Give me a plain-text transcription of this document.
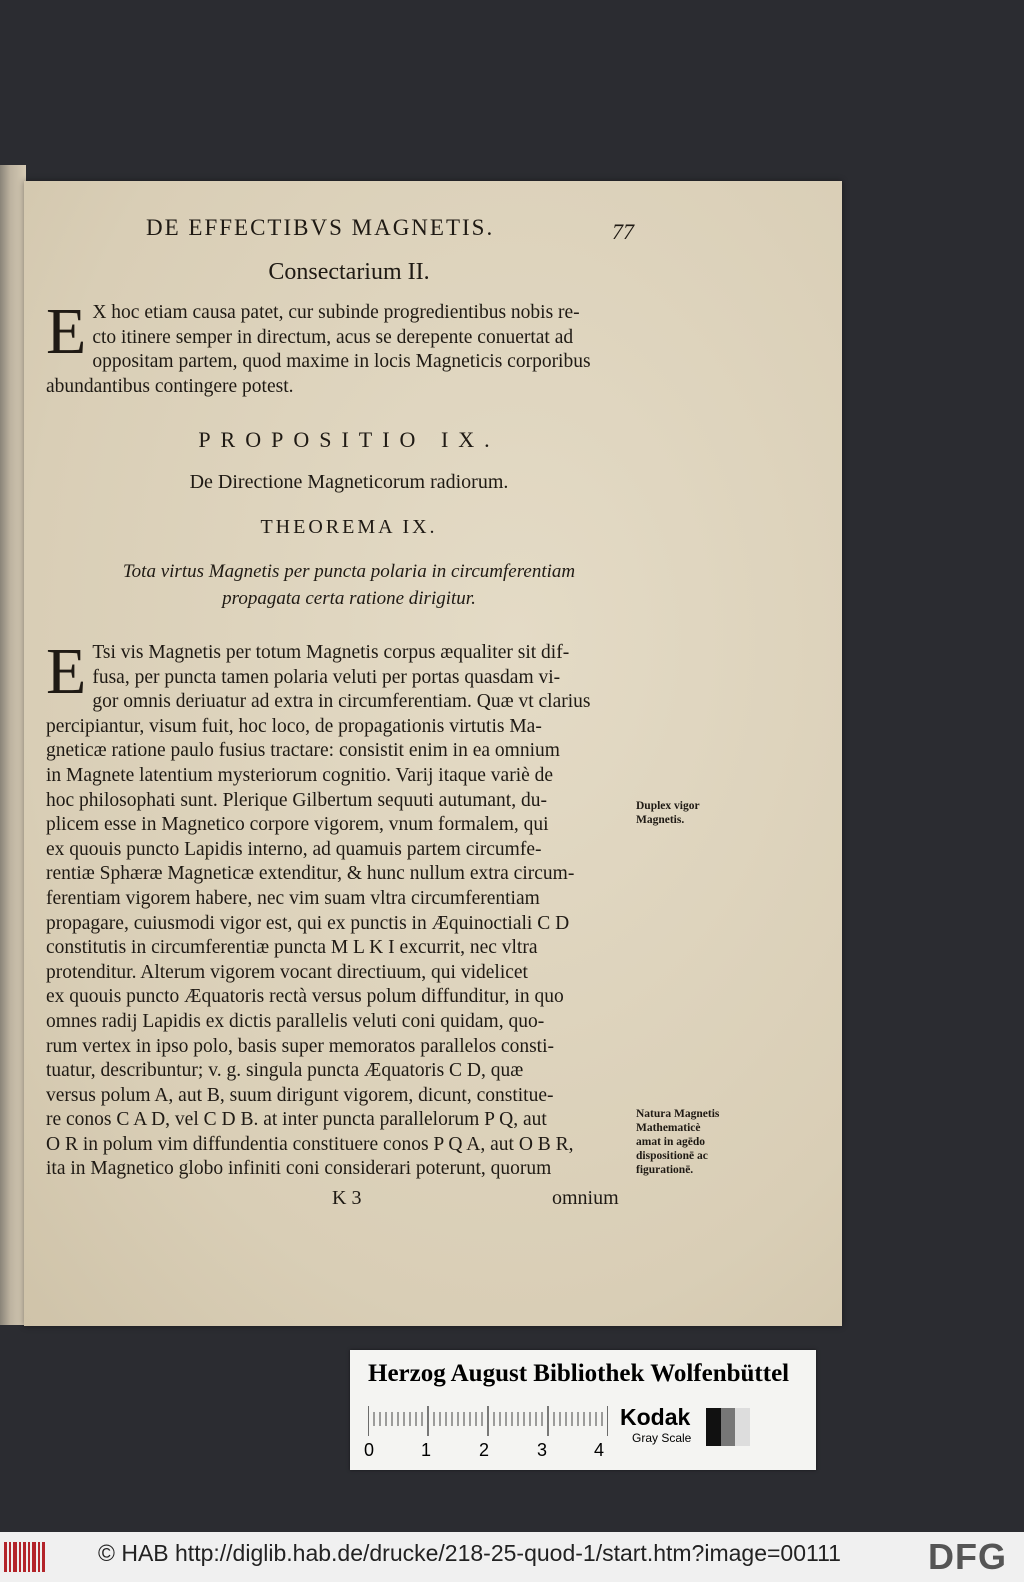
DE EFFECTIBVS MAGNETIS.	77
Consectarium II.
E X hoc etiam causa patet, cur subinde progredientibus nobis re-
cto itinere semper in directum, acus se derepente conuertat ad
oppositam partem, quod maxime in locis Magneticis corporibus
abundantibus contingere potest.
PROPOSITIO IX.
De Directione Magneticorum radiorum.
THEOREMA IX.
Tota virtus Magnetis per puncta polaria in circumferentiam
propagata certa ratione dirigitur.
E Tsi vis Magnetis per totum Magnetis corpus æqualiter sit dif-
fusa, per puncta tamen polaria veluti per portas quasdam vi-
gor omnis deriuatur ad extra in circumferentiam. Quæ vt clarius
percipiantur, visum fuit, hoc loco, de propagationis virtutis Ma-
gneticæ ratione paulo fusius tractare: consistit enim in ea omnium
in Magnete latentium mysteriorum cognitio. Varij itaque variè de
hoc philosophati sunt. Plerique Gilbertum sequuti autumant, du-
plicem esse in Magnetico corpore vigorem, vnum formalem, qui
ex quouis puncto Lapidis interno, ad quamuis partem circumfe-
rentiæ Sphæræ Magneticæ extenditur, & hunc nullum extra circum-
ferentiam vigorem habere, nec vim suam vltra circumferentiam
propagare, cuiusmodi vigor est, qui ex punctis in Æquinoctiali C D
constitutis in circumferentiæ puncta M L K I excurrit, nec vltra
protenditur. Alterum vigorem vocant directiuum, qui videlicet
ex quouis puncto Æquatoris rectà versus polum diffunditur, in quo
omnes radij Lapidis ex dictis parallelis veluti coni quidam, quo-
rum vertex in ipso polo, basis super memoratos parallelos consti-
tuatur, describuntur; v. g. singula puncta Æquatoris C D, quæ
versus polum A, aut B, suum dirigunt vigorem, dicunt, constitue-
re conos C A D, vel C D B. at inter puncta parallelorum P Q, aut
O R in polum vim diffundentia constituere conos P Q A, aut O B R,
ita in Magnetico globo infiniti coni considerari poterunt, quorum
Duplex vigor Magnetis.
Natura Magnetis Mathematicè amat in agēdo dispositionē ac figurationē.
K 3	omnium
Herzog August Bibliothek Wolfenbüttel
0	1	2	3	4
Kodak
Gray Scale
© HAB http://diglib.hab.de/drucke/218-25-quod-1/start.htm?image=00111 DFG
